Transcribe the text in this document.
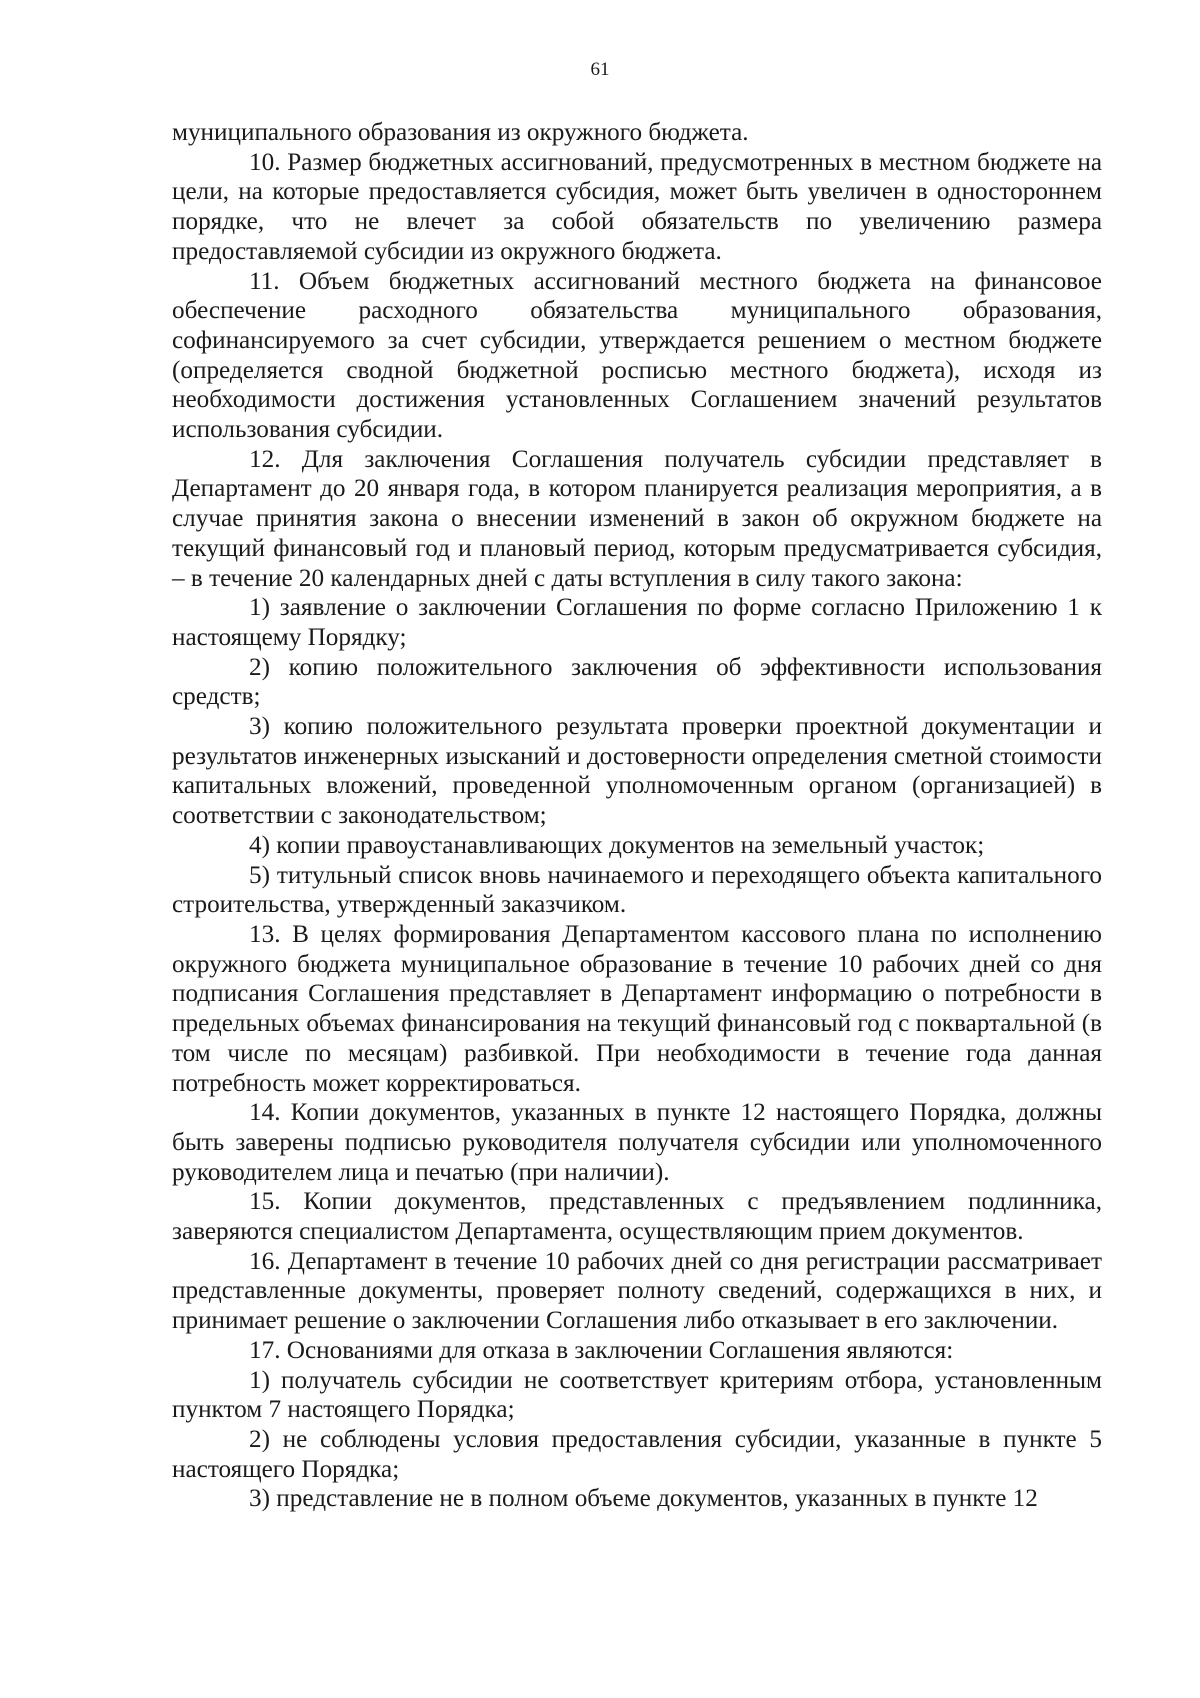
61

муниципального образования из окружного бюджета.

10. Размер бюджетных ассигнований, предусмотренных в местном бюджете на цели, на которые предоставляется субсидия, может быть увеличен в одностороннем порядке, что не влечет за собой обязательств по увеличению размера предоставляемой субсидии из окружного бюджета.

11. Объем бюджетных ассигнований местного бюджета на финансовое обеспечение расходного обязательства муниципального образования, софинансируемого за счет субсидии, утверждается решением о местном бюджете (определяется сводной бюджетной росписью местного бюджета), исходя из необходимости достижения установленных Соглашением значений результатов использования субсидии.

12. Для заключения Соглашения получатель субсидии представляет в Департамент до 20 января года, в котором планируется реализация мероприятия, а в случае принятия закона о внесении изменений в закон об окружном бюджете на текущий финансовый год и плановый период, которым предусматривается субсидия, – в течение 20 календарных дней с даты вступления в силу такого закона:

1) заявление о заключении Соглашения по форме согласно Приложению 1 к настоящему Порядку;

2) копию положительного заключения об эффективности использования средств;

3) копию положительного результата проверки проектной документации и результатов инженерных изысканий и достоверности определения сметной стоимости капитальных вложений, проведенной уполномоченным органом (организацией) в соответствии с законодательством;

4) копии правоустанавливающих документов на земельный участок;

5) титульный список вновь начинаемого и переходящего объекта капитального строительства, утвержденный заказчиком.

13. В целях формирования Департаментом кассового плана по исполнению окружного бюджета муниципальное образование в течение 10 рабочих дней со дня подписания Соглашения представляет в Департамент информацию о потребности в предельных объемах финансирования на текущий финансовый год с поквартальной (в том числе по месяцам) разбивкой. При необходимости в течение года данная потребность может корректироваться.

14. Копии документов, указанных в пункте 12 настоящего Порядка, должны быть заверены подписью руководителя получателя субсидии или уполномоченного руководителем лица и печатью (при наличии).

15. Копии документов, представленных с предъявлением подлинника, заверяются специалистом Департамента, осуществляющим прием документов.

16. Департамент в течение 10 рабочих дней со дня регистрации рассматривает представленные документы, проверяет полноту сведений, содержащихся в них, и принимает решение о заключении Соглашения либо отказывает в его заключении.

17. Основаниями для отказа в заключении Соглашения являются:

1) получатель субсидии не соответствует критериям отбора, установленным пунктом 7 настоящего Порядка;

2) не соблюдены условия предоставления субсидии, указанные в пункте 5 настоящего Порядка;

3) представление не в полном объеме документов, указанных в пункте 12
